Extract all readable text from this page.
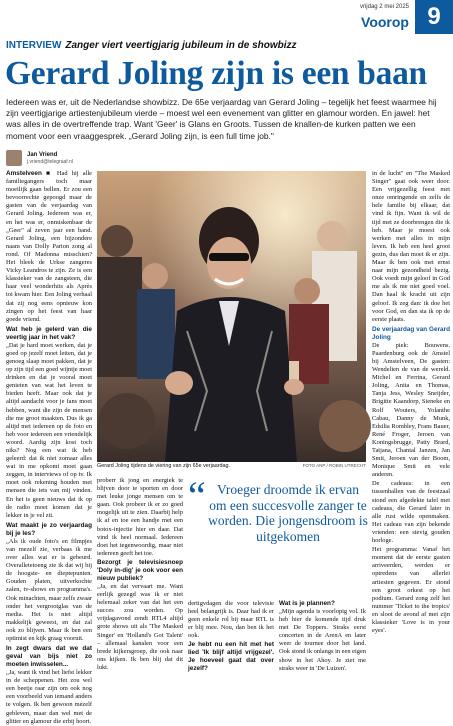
vrijdag 2 mei 2025
Voorop 9
INTERVIEW Zanger viert veertigjarig jubileum in de showbizz
Gerard Joling zijn is een baan
Iedereen was er, uit de Nederlandse showbizz. De 65e verjaardag van Gerard Joling – tegelijk het feest waarmee hij zijn veertigjarige artiestenjubileum vierde – moest wel een evenement van glitter en glamour worden. En jawel: het was alles in de overtreffende trap. Want 'Geer' is Glans en Groots. Tussen de knallen-de kurken patten we een moment voor een vraaggesprek. „Gerard Joling zijn, is een full time job."
Jan Vriend
j.vriend@telegraaf.nl

Amstelveen ■ Had hij alle familiegangers toch maar moeilijk gaan bellen. Er zou een bevoorrechte gepoogd maar de gasten van de verjaardag van Gerard Joling. Iedereen was er, en het was er, onmiskenbaar de „Geer" al zeven jaar een band. Gerard Joling, een bijzondere naam van Dolly Parton zong al rond. Of Madonna misschien? Het bleek de Urkse zangeres Vicky Leandros te zijn. Ze is een klassieker van de zangsteen, die haar veel wonderhits als Après toi kwam hier. Een Joling verhaal dat zij nog eens opnieuw kon zingen op het feest van haar goede vriend.

Wat heb je gelerd van die veertig jaar in het vak?

„Dat je hard moet werken, dat je goed op jezelf moet letten, dat je genoeg slaap moet pakken, dat je op zijn tijd een goed wijntje moet drinken en dat je vooral moet genieten van wat het leven te bieden heeft. Maar ook dat je altijd aandacht voor je fans moet hebben, want die zijn de mensen die me groot maakten. Dus ik ga altijd met iedereen op de foto en heb voor iedereen een vriendelijk woord. Aardig zijn kost toch niks? Nog een wat ik heb geleerd: dat ik niet zomaar alles wat in me opkomt moet gaan zeggen, in interviews of op tv. Ik moet ook rekening houden met mensen die iets van mij vinden. En het is geen nieuws dat ik op de radio moet komen dat je lekker in je vel zit.

Wat maakt je zo verjaardag bij je les?

„Als ik oude foto's en filmpjes van mezelf zie, verbaas ik me over alles wat er is gebeurd. Overalletetoeng zie ik dat wij bij de hoogste- en dieptepunten. Gouden platen, uitverkochte zalen, tv-shows en programma's. Ook minachten, maar zelfs zwaar onder het vergrootglas van de media. Het is niet altijd makkelijk geweest, en dat zal ook zo blijven. Maar ik ben een optimist en kijk graag vooruit.

In zegt dwars dat we dat geval van bijs niet zo moeten inwisselen...

„Ja, want ik vind het liefst lekker in de scheppenen. Het zou wel een beetje raar zijn om ook nog een voorbeeld van iemand anders te volgen. Ik ben gewoon mezelf gebleven, maar dan wel met de glitter en glamour die erbij hoort.

Gerard Joling tijdens de viering van zijn 65e verjaardag.	FOTO ANP / ROBIN UTRECHT

proberr ik jong en energiek te blijven door te sporten en door met leuke jonge mensen om te gaan. Ook probeer ik er zo goed mogelijk uit te zien. Daarbij help ik af en toe een handje met een botox-injectie hier en daar. Dat vind ik heel normaal. Iedereen doet het tegenwoordig, maar niet iedereen geeft het toe.

Bezorgt je televisiesnoep 'Doly in-dig' je ook voor een nieuw publiek?

„Ja, en dat vervaart me. Want eerlijk gezegd was ik er niet helemaal zeker van dat het een succes zou worden. Op vrijdagavond zendt RTL4 altijd grote shows uit als 'The Masked Singer' en 'Holland's Got Talent' – allemaal kanalen voor een brede kijkersgroep, die ook naar ons kijken. Ik ben blij dat dit lukt.

“ Vroeger droomde ik ervan om een succesvolle zanger te worden. Die jongensdroom is uitgekomen

dertigvdagen die voor televisie heel belangrijk is. Daar had ik er geen enkele rol bij maar RTL is er blij mee. Nou, dan ben ik het ook.

Je hebt nu een hit met het lied 'Ik blijf altijd vrijgezel'. Je hoeveel gaat dat over jezelf?
Wat is je plannen?

„Mijn agenda is voorlopig vol. Ik heb hier de komende tijd druk met De Toppers. Straks eerst concerten in de ArenA en later weer de tournee door het land. Ook stond ik onlangs in een eigen show in het Ahoy. Je ziet me straks weer in 'De Luizen'.

in de lucht" en "The Masked Singer" gaat ook weer door. Een vrijgezellig feest met onze omringende en zelfs de hele familie bij elkaar, dat vind ik fijn. Want ik wil de tijd met ze doorbrengen die ik heb. Maar je moest ook werken met alles in mijn leven. Ik heb een heel groot gezin, dus dan moet ik er zijn. Maar ik ben ook met ernst naar mijn gezondheid bezig. Ook voedt mijn geloof in God me als ik me niet goed voel. Dan haal ik kracht uit zijn geloof. Ik zeg dan: ik doe het voor God, en dan sta ik op de eerste plaats.

De verjaardag van Gerard Joling

De piek: Bouwens. Paardenburg ook de Amstel bij Amstelveen, De gasten: Wendelien de van de wereld. Michel en Ferrina, Gerard Joling, Anita en Thomas, Tanja Jess, Wesley Sneijder, Brigitte Kaandorp, Sieneke en Rolf Wouters, Yolanthe Cabau, Danny de Munk, Edsilia Rombley, Frans Bauer, René Froger, Jeroen van Koningsbrugge, Patty Brard, Tatjana, Chantal Janzen, Jan Smit, Jeroen van der Boom, Monique Smit en vele anderen.

De cadeaus: in een tussenhallen van de feestzaal stond een afgedekte tafel met cadeaus, die Gerard later in alle rust wilde openmaken. Het cadeau van zijn bekende vrienden: een stevig gouden horloge.

Het programma: Vanaf het moment dat de eerste gasten arriveerden, werden er optredens van allerlei artiesten gegeven. Er stond een groot orkest op het podium. Gerard zong zelf het nummer 'Ticket to the tropics' en sloot de avond af met zijn klassieker 'Love is in your eyes'.
